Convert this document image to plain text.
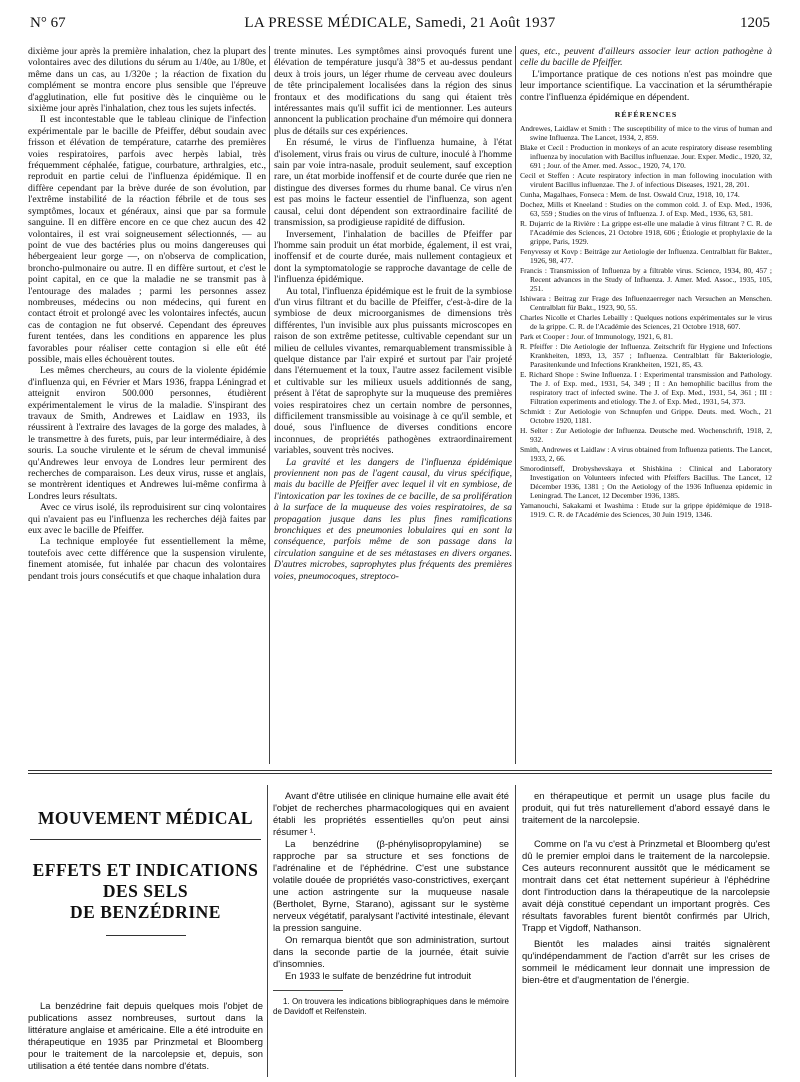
N° 67	LA PRESSE MÉDICALE, Samedi, 21 Août 1937	1205

dixième jour après la première inhalation, chez la plupart des volontaires avec des dilutions du sérum au 1/40e, au 1/80e, et même dans un cas, au 1/320e ; la réaction de fixation du complément se montra encore plus sensible que l'épreuve d'agglutination, elle fut positive dès le cinquième ou le sixième jour après l'inhalation, chez tous les sujets infectés.

Il est incontestable que le tableau clinique de l'infection expérimentale par le bacille de Pfeiffer, début soudain avec frisson et élévation de température, catarrhe des premières voies respiratoires, parfois avec herpès labial, très fréquemment céphalée, fatigue, courbature, arthralgies, etc., reproduit en partie celui de l'influenza épidémique. Il en diffère cependant par la brève durée de son évolution, par l'extrême instabilité de la réaction fébrile et de tous ses symptômes, locaux et généraux, ainsi que par sa formule sanguine. Il en diffère encore en ce que chez aucun des 42 volontaires, il est vrai soigneusement sélectionnés, — au point de vue des bactéries plus ou moins dangereuses qui hébergeaient leur gorge —, on n'observa de complication, broncho-pulmonaire ou autre. Il en diffère surtout, et c'est le point capital, en ce que la maladie ne se transmit pas à l'entourage des malades ; parmi les personnes assez nombreuses, médecins ou non médecins, qui furent en contact étroit et prolongé avec les volontaires infectés, aucun cas de contagion ne fut observé. Cependant des épreuves furent tentées, dans les conditions en apparence les plus favorables pour réaliser cette contagion si elle eût été possible, mais elles échouèrent toutes.

Les mêmes chercheurs, au cours de la violente épidémie d'influenza qui, en Février et Mars 1936, frappa Léningrad et atteignit environ 500.000 personnes, étudièrent expérimentalement le virus de la maladie. S'inspirant des travaux de Smith, Andrewes et Laidlaw en 1933, ils réussirent à l'extraire des lavages de la gorge des malades, à le transmettre à des furets, puis, par leur intermédiaire, à des souris. La souche virulente et le sérum de cheval immunisé qu'Andrewes leur envoya de Londres leur permirent des recherches de comparaison. Les deux virus, russe et anglais, se montrèrent identiques et Andrewes lui-même confirma à Londres leurs résultats.

Avec ce virus isolé, ils reproduisirent sur cinq volontaires qui n'avaient pas eu l'influenza les recherches déjà faites par eux avec le bacille de Pfeiffer.

La technique employée fut essentiellement la même, toutefois avec cette différence que la suspension virulente, finement atomisée, fut inhalée par chacun des volontaires pendant trois jours consécutifs et que chaque inhalation dura

trente minutes. Les symptômes ainsi provoqués furent une élévation de température jusqu'à 38°5 et au-dessus pendant deux à trois jours, un léger rhume de cerveau avec douleurs de tête principalement localisées dans la région des sinus frontaux et des modifications du sang qui étaient très intéressantes mais qu'il suffit ici de mentionner. Les auteurs annoncent la publication prochaine d'un mémoire qui donnera plus de détails sur ces expériences.

En résumé, le virus de l'influenza humaine, à l'état d'isolement, virus frais ou virus de culture, inoculé à l'homme sain par voie intra-nasale, produit seulement, sauf exception rare, un état morbide inoffensif et de courte durée que rien ne distingue des diverses formes du rhume banal. Ce virus n'en est pas moins le facteur essentiel de l'influenza, son agent causal, celui dont dépendent son extraordinaire facilité de transmission, sa prodigieuse rapidité de diffusion.

Inversement, l'inhalation de bacilles de Pfeiffer par l'homme sain produit un état morbide, également, il est vrai, inoffensif et de courte durée, mais nullement contagieux et dont la symptomatologie se rapproche davantage de celle de l'influenza épidémique.

Au total, l'influenza épidémique est le fruit de la symbiose d'un virus filtrant et du bacille de Pfeiffer, c'est-à-dire de la symbiose de deux microorganismes de dimensions très différentes, l'un invisible aux plus puissants microscopes en raison de son extrême petitesse, cultivable cependant sur un milieu de cellules vivantes, remarquablement transmissible à quelque distance par l'air expiré et surtout par l'air projeté dans l'éternuement et la toux, l'autre assez facilement visible et cultivable sur les milieux usuels additionnés de sang, présent à l'état de saprophyte sur la muqueuse des premières voies respiratoires chez un certain nombre de personnes, difficilement transmissible au voisinage à ce qu'il semble, et doué, sous l'influence de diverses conditions encore inconnues, de propriétés pathogènes extraordinairement variables, souvent très nocives.

La gravité et les dangers de l'influenza épidémique proviennent non pas de l'agent causal, du virus spécifique, mais du bacille de Pfeiffer avec lequel il vit en symbiose, de l'intoxication par les toxines de ce bacille, de sa prolifération à la surface de la muqueuse des voies respiratoires, de sa propagation jusque dans les plus fines ramifications bronchiques et des pneumonies lobulaires qui en sont la conséquence, parfois même de son passage dans la circulation sanguine et de ses métastases en divers organes. D'autres microbes, saprophytes plus fréquents des premières voies, pneumocoques, streptoco-

ques, etc., peuvent d'ailleurs associer leur action pathogène à celle du bacille de Pfeiffer.

L'importance pratique de ces notions n'est pas moindre que leur importance scientifique. La vaccination et la sérumthérapie contre l'influenza épidémique en dépendent.

RÉFÉRENCES

Andrewes, Laidlaw et Smith : The susceptibility of mice to the virus of human and swine Influenza. The Lancet, 1934, 2, 859.

Blake et Cecil : Production in monkeys of an acute respiratory disease resembling influenza by inoculation with Bacillus influenzae. Jour. Exper. Medic., 1920, 32, 691 ; Jour. of the Amer. med. Assoc., 1920, 74, 170.

Cecil et Steffen : Acute respiratory infection in man following inoculation with virulent Bacillus influenzae. The J. of infectious Diseases, 1921, 28, 201.

Cunha, Magalhaes, Fonseca : Mem. de Inst. Oswald Cruz, 1918, 10, 174.

Dochez, Mills et Kneeland : Studies on the common cold. J. of Exp. Med., 1936, 63, 559 ; Studies on the virus of Influenza. J. of Exp. Med., 1936, 63, 581.

R. Dujarric de la Rivière : La grippe est-elle une maladie à virus filtrant ? C. R. de l'Académie des Sciences, 21 Octobre 1918, 606 ; Étiologie et prophylaxie de la grippe, Paris, 1929.

Fenyvessy et Kovp : Beiträge zur Aetiologie der Influenza. Centralblatt für Bakter., 1926, 98, 477.

Francis : Transmission of Influenza by a filtrable virus. Science, 1934, 80, 457 ; Recent advances in the Study of Influenza. J. Amer. Med. Assoc., 1935, 105, 251.

Ishiwara : Beitrag zur Frage des Influenzaerreger nach Versuchen an Menschen. Centralblatt für Bakt., 1923, 90, 55.

Charles Nicolle et Charles Lebailly : Quelques notions expérimentales sur le virus de la grippe. C. R. de l'Académie des Sciences, 21 Octobre 1918, 607.

Park et Cooper : Jour. of Immunology, 1921, 6, 81.

R. Pfeiffer : Die Aetiologie der Influenza. Zeitschrift für Hygiene und Infections Krankheiten, 1893, 13, 357 ; Influenza. Centralblatt für Bakteriologie, Parasitenkunde und Infections Krankheiten, 1921, 85, 43.

E. Richard Shope : Swine Influenza. I : Experimental transmission and Pathology. The J. of Exp. med., 1931, 54, 349 ; II : An hemophilic bacillus from the respiratory tract of infected swine. The J. of Exp. Med., 1931, 54, 361 ; III : Filtration experiments and etiology. The J. of Exp. Med., 1931, 54, 373.

Schmidt : Zur Aetiologie von Schnupfen und Grippe. Deuts. med. Woch., 21 Octobre 1920, 1181.

H. Selter : Zur Aetiologie der Influenza. Deutsche med. Wochenschrift, 1918, 2, 932.

Smith, Andrewes et Laidlaw : A virus obtained from Influenza patients. The Lancet, 1933, 2, 66.

Smorodintseff, Drobyshevskaya et Shishkina : Clinical and Laboratory Investigation on Volunteers infected with Pfeiffers Bacillus. The Lancet, 12 Décember 1936, 1381 ; On the Aetiology of the 1936 Influenza epidemic in Leningrad. The Lancet, 12 December 1936, 1385.

Yamanouchi, Sakakami et Iwashima : Etude sur la grippe épidémique de 1918-1919. C. R. de l'Académie des Sciences, 30 Juin 1919, 1346.

MOUVEMENT MÉDICAL
EFFETS ET INDICATIONS
DES SELS
DE BENZÉDRINE

La benzédrine fait depuis quelques mois l'objet de publications assez nombreuses, surtout dans la littérature anglaise et américaine. Elle a été introduite en thérapeutique en 1935 par Prinzmetal et Bloomberg pour le traitement de la narcolepsie et, depuis, son utilisation a été tentée dans nombre d'états.

Avant d'être utilisée en clinique humaine elle avait été l'objet de recherches pharmacologiques qui en avaient établi les propriétés essentielles qu'on peut ainsi résumer ¹.

La benzédrine (β-phénylisopropylamine) se rapproche par sa structure et ses fonctions de l'adrénaline et de l'éphédrine. C'est une substance volatile douée de propriétés vaso-constrictives, exerçant une action astringente sur la muqueuse nasale (Bertholet, Byrne, Starano), agissant sur le système nerveux végétatif, paralysant l'activité intestinale, élevant la pression sanguine.

On remarqua bientôt que son administration, surtout dans la seconde partie de la journée, était suivie d'insomnies.

En 1933 le sulfate de benzédrine fut introduit

1. On trouvera les indications bibliographiques dans le mémoire de Davidoff et Reifenstein.

en thérapeutique et permit un usage plus facile du produit, qui fut très naturellement d'abord essayé dans le traitement de la narcolepsie.

Comme on l'a vu c'est à Prinzmetal et Bloomberg qu'est dû le premier emploi dans le traitement de la narcolepsie. Ces auteurs reconnurent aussitôt que le médicament se montrait dans cet état nettement supérieur à l'éphédrine dont l'introduction dans la thérapeutique de la narcolepsie avait déjà constitué cependant un important progrès. Ces résultats favorables furent bientôt confirmés par Ulrich, Trapp et Vigdoff, Nathanson.

Bientôt les malades ainsi traités signalèrent qu'indépendamment de l'action d'arrêt sur les crises de sommeil le médicament leur donnait une impression de bien-être et d'augmentation de l'énergie.
